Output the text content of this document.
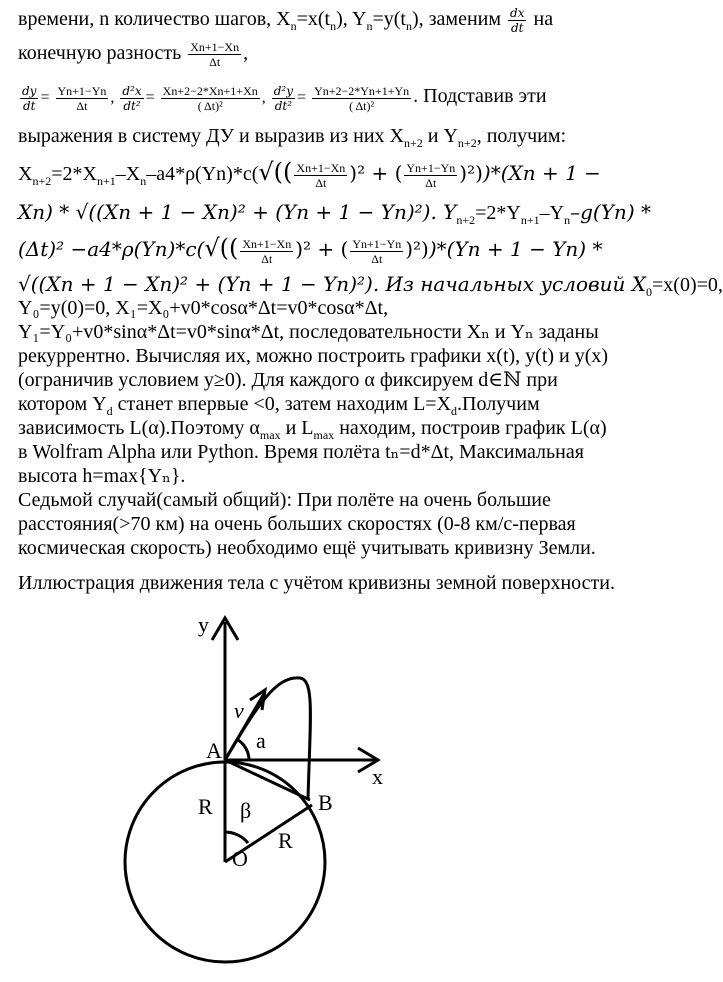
времени, n количество шагов, $X_n=x(t_n)$, $Y_n=y(t_n)$, заменим $\frac{dx}{dt}$ на
конечную разность $\frac{Xn+1-Xn}{\Delta t}$ ,
$\frac{dy}{dt} = \frac{Yn+1-Yn}{\Delta t}$ , $\frac{\text{d²x}}{\text{dt²}} = \frac{Xn+2-2*Xn+1+Xn}{\text{( Δt)²}}$ , $\frac{\text{d²y}}{\text{dt²}} = \frac{Yn+2-2*Yn+1+Yn}{\text{( Δt)²}}$ . Подставив эти
выражения в систему ДУ и выразив из них $X_{n+2}$ и $Y_{n+2}$, получим:
$X_{n+2}=2*X_{n+1}-X_n-a4*\rho(Yn)*c(√(( \frac{Xn+1-Xn}{\Delta t} )^2$ + ( $\frac{Yn+1-Yn}{\Delta t} )^2))*(Xn + 1$ −
Xn) * √((Xn + 1 − Xn)² + (Yn + 1 − Yn)²). $Y_{n+2}=2*Y_{n+1}-Y_n-g(Yn)$ *
$(\Delta t)^2 -a4*\rho(Yn)*c(√(( \frac{Xn+1-Xn}{\Delta t} )^2$ + ( $\frac{Yn+1-Yn}{\Delta t} )^2))*(Yn + 1 - Yn)$ *
√((Xn + 1 − Xn)² + (Yn + 1 − Yn)²). Из начальных условий $X_0=x(0)=0$,
Y₀=y(0)=0, X₁=X₀+v0*cosα*Δt=v0*cosα*Δt,
Y₁=Y₀+v0*sinα*Δt=v0*sinα*Δt, последовательности Xₙ и Yₙ заданы
рекуррентно. Вычисляя их, можно построить графики x(t), y(t) и y(x)
(ограничив условием y≥0). Для каждого α фиксируем d∈ℕ при
котором $Y_d$ станет впервые <0, затем находим $L=X_d.Получим$
зависимость L(α).Поэтому $\alpha_{max}$ и $L_{max}$ находим, построив график L(α)
в Wolfram Alpha или Python. Время полёта tₙ=d*Δt, Максимальная
высота h=max{Yₙ}.
Седьмой случай(самый общий): При полёте на очень большие
расстояния(>70 км) на очень больших скоростях (0-8 км/с-первая
космическая скорость) необходимо ещё учитывать кривизну Земли.
Иллюстрация движения тела с учётом кривизны земной поверхности.
y
x
v
a
A
B
R
R
β
O
